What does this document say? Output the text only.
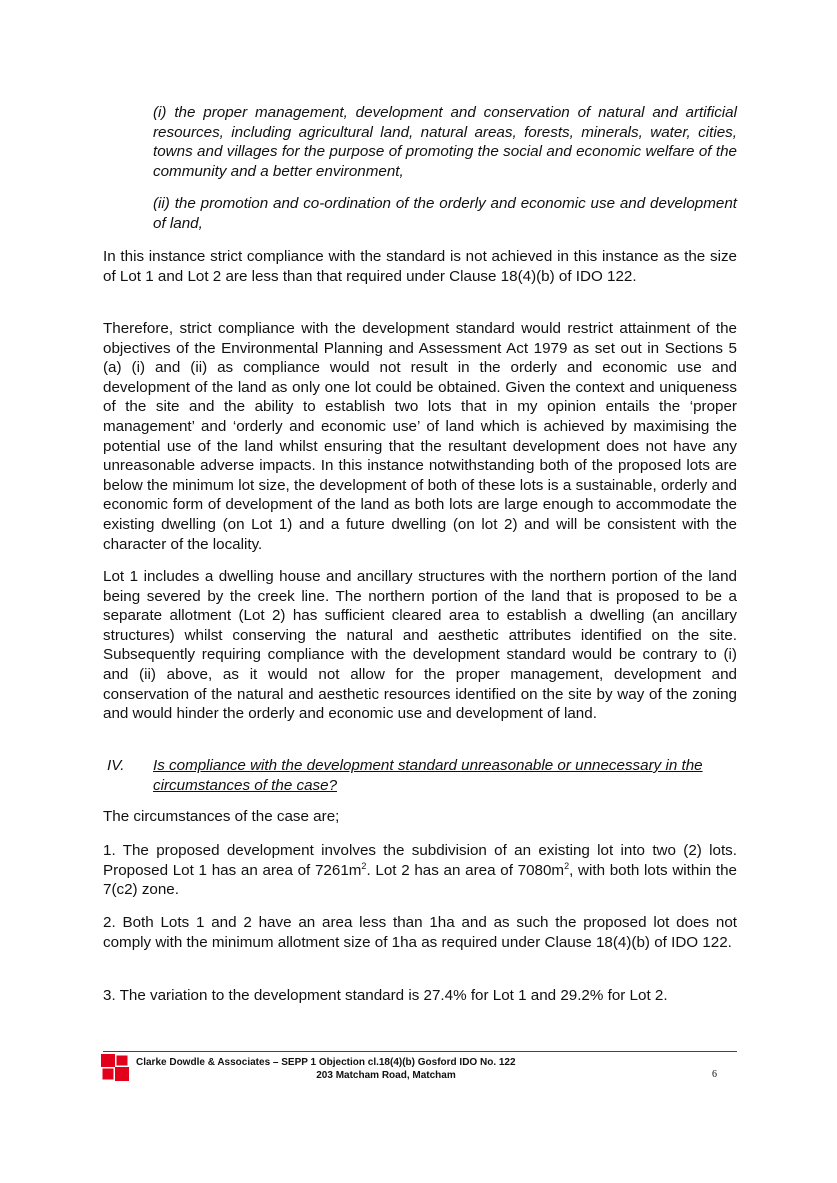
(i) the proper management, development and conservation of natural and artificial resources, including agricultural land, natural areas, forests, minerals, water, cities, towns and villages for the purpose of promoting the social and economic welfare of the community and a better environment,

(ii) the promotion and co-ordination of the orderly and economic use and development of land,

In this instance strict compliance with the standard is not achieved in this instance as the size of Lot 1 and Lot 2 are less than that required under Clause 18(4)(b) of IDO 122.

Therefore, strict compliance with the development standard would restrict attainment of the objectives of the Environmental Planning and Assessment Act 1979 as set out in Sections 5 (a) (i) and (ii) as compliance would not result in the orderly and economic use and development of the land as only one lot could be obtained. Given the context and uniqueness of the site and the ability to establish two lots that in my opinion entails the ‘proper management’ and ‘orderly and economic use’ of land which is achieved by maximising the potential use of the land whilst ensuring that the resultant development does not have any unreasonable adverse impacts. In this instance notwithstanding both of the proposed lots are below the minimum lot size, the development of both of these lots is a sustainable, orderly and economic form of development of the land as both lots are large enough to accommodate the existing dwelling (on Lot 1) and a future dwelling (on lot 2) and will be consistent with the character of the locality.

Lot 1 includes a dwelling house and ancillary structures with the northern portion of the land being severed by the creek line. The northern portion of the land that is proposed to be a separate allotment (Lot 2) has sufficient cleared area to establish a dwelling (an ancillary structures) whilst conserving the natural and aesthetic attributes identified on the site. Subsequently requiring compliance with the development standard would be contrary to (i) and (ii) above, as it would not allow for the proper management, development and conservation of the natural and aesthetic resources identified on the site by way of the zoning and would hinder the orderly and economic use and development of land.

IV. Is compliance with the development standard unreasonable or unnecessary in the circumstances of the case?

The circumstances of the case are;

1. The proposed development involves the subdivision of an existing lot into two (2) lots. Proposed Lot 1 has an area of $7261m^2$. Lot 2 has an area of $7080m^2$, with both lots within the 7(c2) zone.

2. Both Lots 1 and 2 have an area less than 1ha and as such the proposed lot does not comply with the minimum allotment size of 1ha as required under Clause 18(4)(b) of IDO 122.

3. The variation to the development standard is 27.4% for Lot 1 and 29.2% for Lot 2.

Clarke Dowdle & Associates – SEPP 1 Objection cl.18(4)(b) Gosford IDO No. 122
203 Matcham Road, Matcham	6
